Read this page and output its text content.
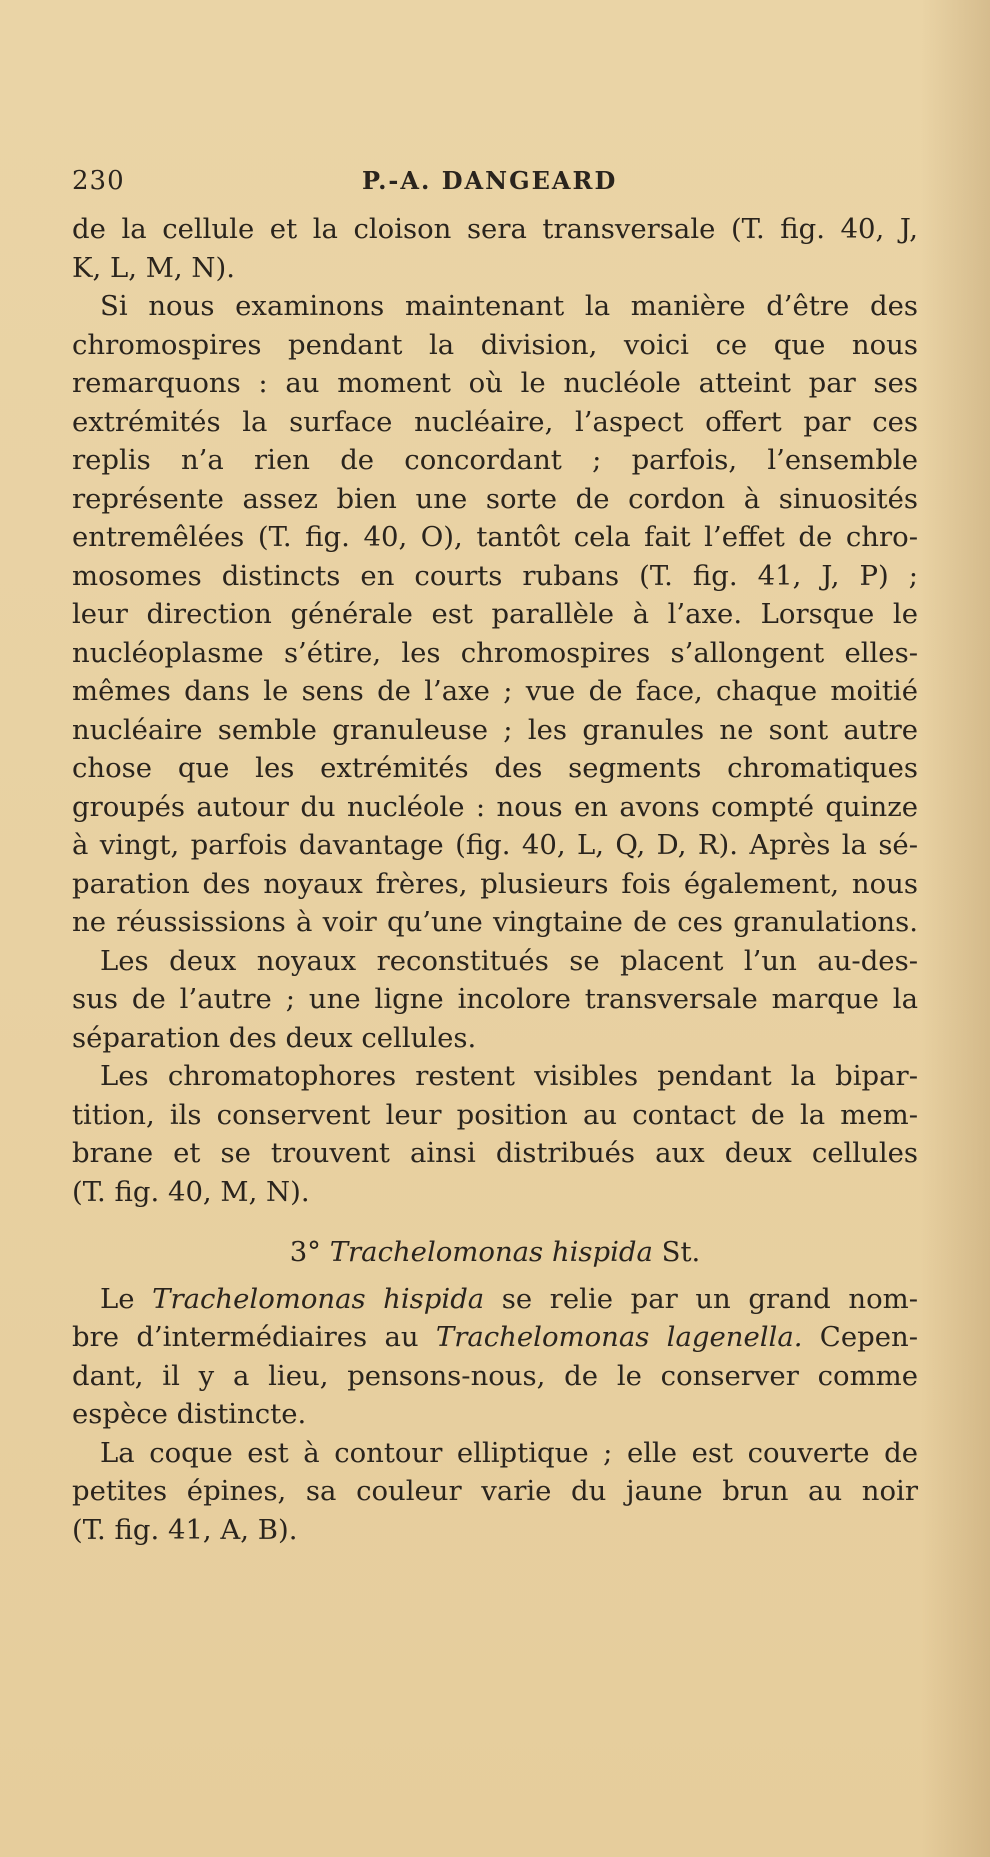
230	P.-A. DANGEARD
de la cellule et la cloison sera transversale (T. fig. 40, J,
K, L, M, N).
Si nous examinons maintenant la manière d’être des
chromospires pendant la division, voici ce que nous
remarquons : au moment où le nucléole atteint par ses
extrémités la surface nucléaire, l’aspect offert par ces
replis n’a rien de concordant ; parfois, l’ensemble
représente assez bien une sorte de cordon à sinuosités
entremêlées (T. fig. 40, O), tantôt cela fait l’effet de chro-
mosomes distincts en courts rubans (T. fig. 41, J, P) ;
leur direction générale est parallèle à l’axe. Lorsque le
nucléoplasme s’étire, les chromospires s’allongent elles-
mêmes dans le sens de l’axe ; vue de face, chaque moitié
nucléaire semble granuleuse ; les granules ne sont autre
chose que les extrémités des segments chromatiques
groupés autour du nucléole : nous en avons compté quinze
à vingt, parfois davantage (fig. 40, L, Q, D, R). Après la sé-
paration des noyaux frères, plusieurs fois également, nous
ne réussissions à voir qu’une vingtaine de ces granulations.
Les deux noyaux reconstitués se placent l’un au-des-
sus de l’autre ; une ligne incolore transversale marque la
séparation des deux cellules.
Les chromatophores restent visibles pendant la bipar-
tition, ils conservent leur position au contact de la mem-
brane et se trouvent ainsi distribués aux deux cellules
(T. fig. 40, M, N).
3° Trachelomonas hispida St.
Le Trachelomonas hispida se relie par un grand nom-
bre d’intermédiaires au Trachelomonas lagenella. Cepen-
dant, il y a lieu, pensons-nous, de le conserver comme
espèce distincte.
La coque est à contour elliptique ; elle est couverte de
petites épines, sa couleur varie du jaune brun au noir
(T. fig. 41, A, B).
